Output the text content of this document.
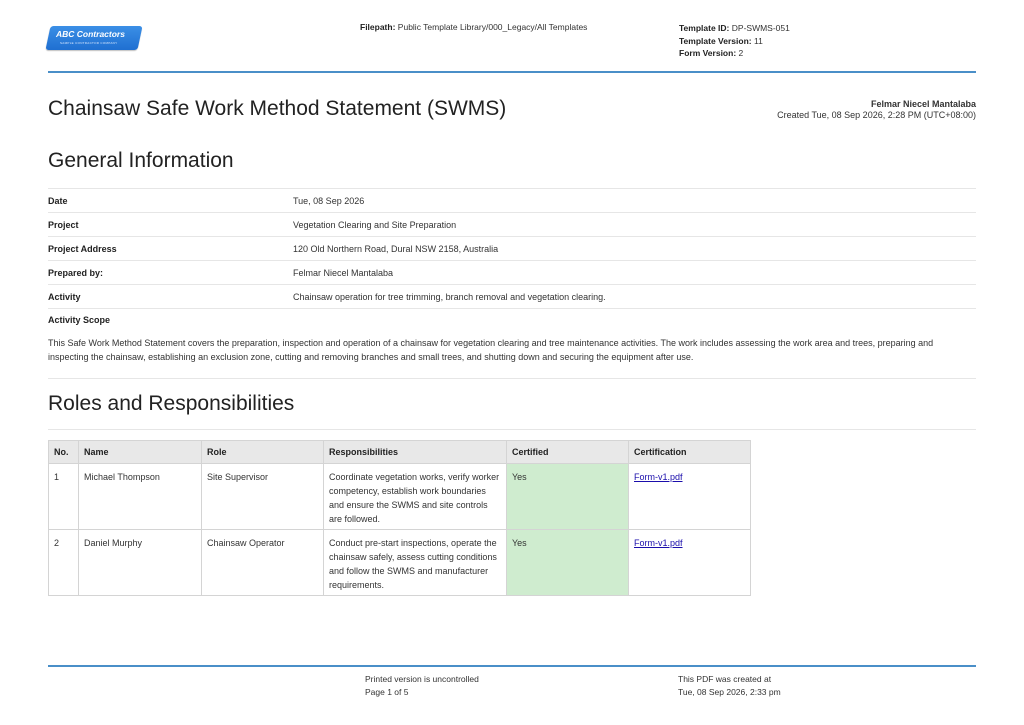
ABC Contractors
SAMPLE CONTRACTOR COMPANY
Filepath: Public Template Library/000_Legacy/All Templates	Template ID: DP-SWMS-051
Template Version: 11
Form Version: 2
Chainsaw Safe Work Method Statement (SWMS)	Felmar Niecel Mantalaba
Created Tue, 08 Sep 2026, 2:28 PM (UTC+08:00)
General Information
Date	Tue, 08 Sep 2026
Project	Vegetation Clearing and Site Preparation
Project Address	120 Old Northern Road, Dural NSW 2158, Australia
Prepared by:	Felmar Niecel Mantalaba
Activity	Chainsaw operation for tree trimming, branch removal and vegetation clearing.
Activity Scope
This Safe Work Method Statement covers the preparation, inspection and operation of a chainsaw for vegetation clearing and tree maintenance activities. The work includes assessing the work area and trees, preparing and inspecting the chainsaw, establishing an exclusion zone, cutting and removing branches and small trees, and shutting down and securing the equipment after use.
Roles and Responsibilities
No.	Name	Role	Responsibilities	Certified	Certification
1	Michael Thompson	Site Supervisor	Coordinate vegetation works, verify worker competency, establish work boundaries and ensure the SWMS and site controls are followed.	Yes	Form-v1.pdf
2	Daniel Murphy	Chainsaw Operator	Conduct pre-start inspections, operate the chainsaw safely, assess cutting conditions and follow the SWMS and manufacturer requirements.	Yes	Form-v1.pdf
Printed version is uncontrolled
Page 1 of 5
This PDF was created at
Tue, 08 Sep 2026, 2:33 pm
